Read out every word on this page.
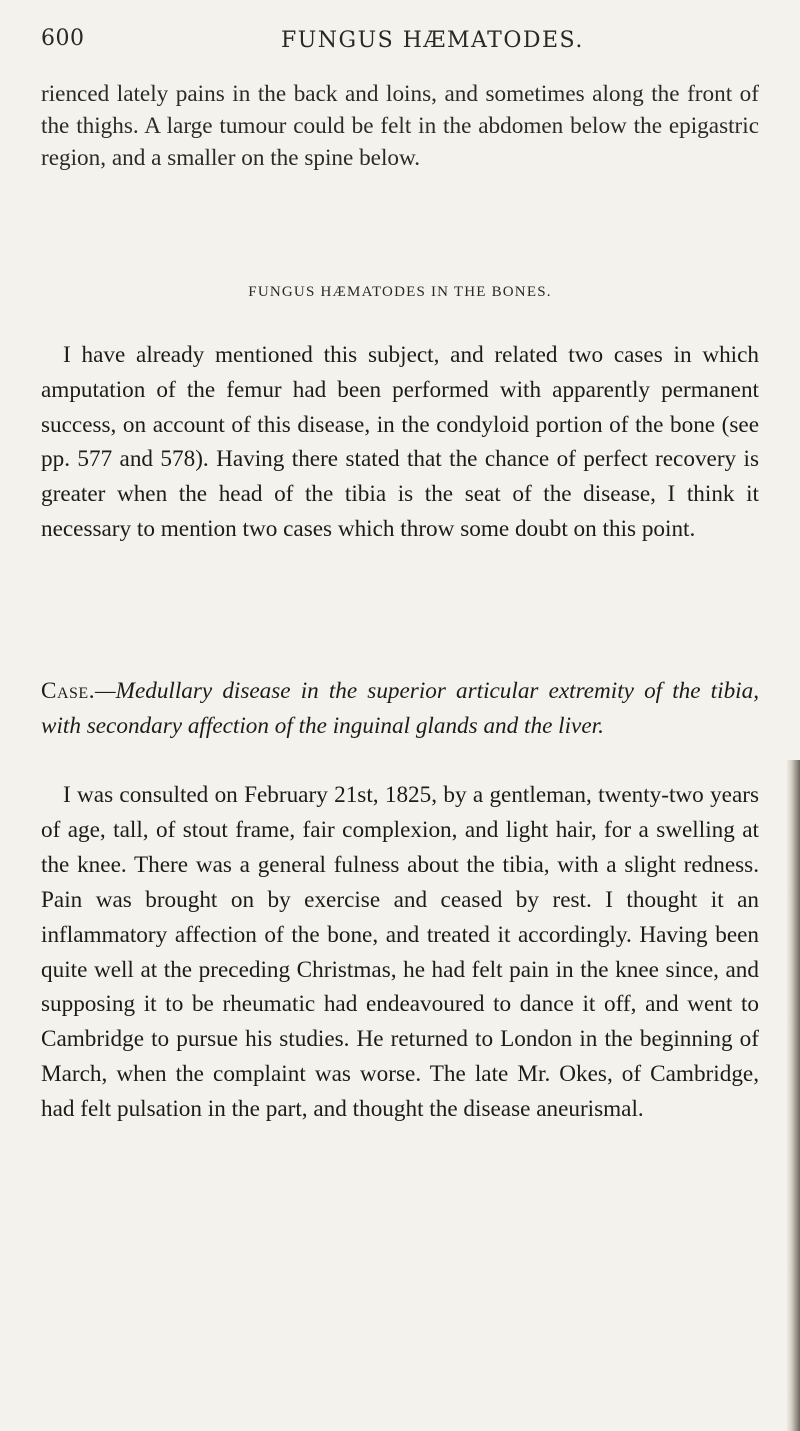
600	FUNGUS HÆMATODES.

rienced lately pains in the back and loins, and sometimes along the front of the thighs. A large tumour could be felt in the abdomen below the epigastric region, and a smaller on the spine below.

FUNGUS HÆMATODES IN THE BONES.

I have already mentioned this subject, and related two cases in which amputation of the femur had been performed with apparently permanent success, on account of this disease, in the condyloid portion of the bone (see pp. 577 and 578). Having there stated that the chance of perfect recovery is greater when the head of the tibia is the seat of the disease, I think it necessary to mention two cases which throw some doubt on this point.

Case.—Medullary disease in the superior articular extremity of the tibia, with secondary affection of the inguinal glands and the liver.

I was consulted on February 21st, 1825, by a gentleman, twenty-two years of age, tall, of stout frame, fair complexion, and light hair, for a swelling at the knee. There was a general fulness about the tibia, with a slight redness. Pain was brought on by exercise and ceased by rest. I thought it an inflammatory affection of the bone, and treated it accordingly. Having been quite well at the preceding Christmas, he had felt pain in the knee since, and supposing it to be rheumatic had endeavoured to dance it off, and went to Cambridge to pursue his studies. He returned to London in the beginning of March, when the complaint was worse. The late Mr. Okes, of Cambridge, had felt pulsation in the part, and thought the disease aneurismal.
